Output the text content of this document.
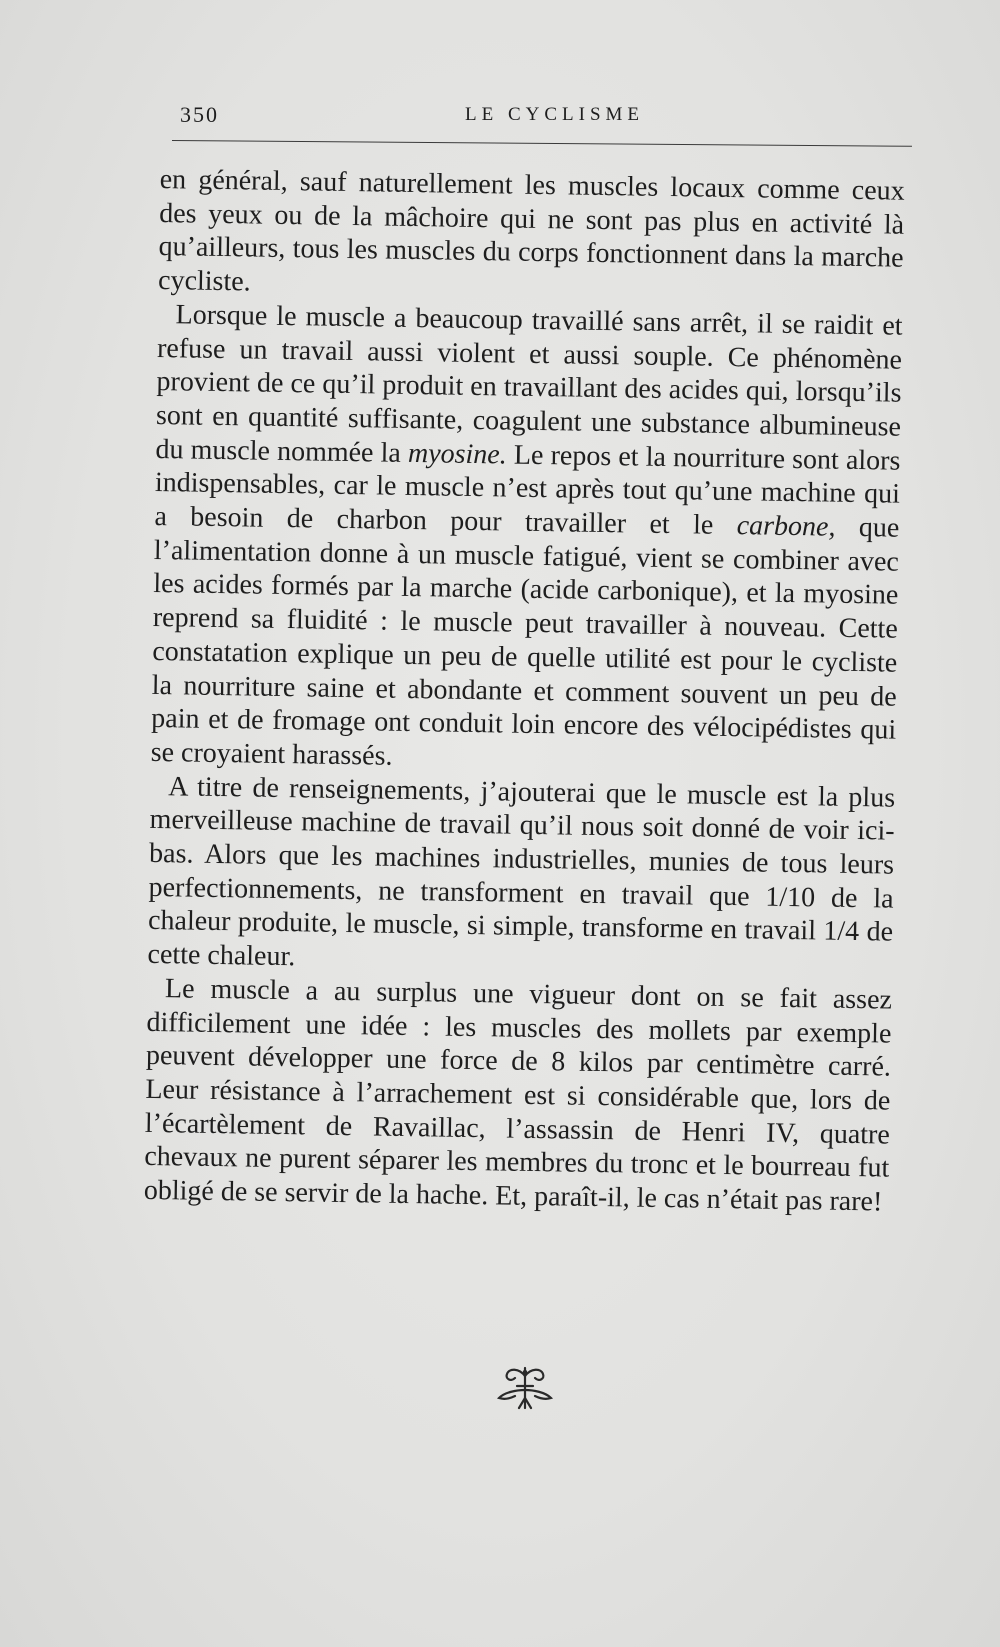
350	LE CYCLISME

en général, sauf naturellement les muscles locaux comme ceux des yeux ou de la mâchoire qui ne sont pas plus en activité là qu’ailleurs, tous les muscles du corps fonctionnent dans la marche cycliste.

Lorsque le muscle a beaucoup travaillé sans arrêt, il se raidit et refuse un travail aussi violent et aussi souple. Ce phénomène provient de ce qu’il produit en travaillant des acides qui, lorsqu’ils sont en quantité suffisante, coagulent une substance albumineuse du muscle nommée la myosine. Le repos et la nourriture sont alors indispensables, car le muscle n’est après tout qu’une machine qui a besoin de charbon pour travailler et le carbone, que l’alimentation donne à un muscle fatigué, vient se combiner avec les acides formés par la marche (acide carbonique), et la myosine reprend sa fluidité : le muscle peut travailler à nouveau. Cette constatation explique un peu de quelle utilité est pour le cycliste la nourriture saine et abondante et comment souvent un peu de pain et de fromage ont conduit loin encore des vélocipédistes qui se croyaient harassés.

A titre de renseignements, j’ajouterai que le muscle est la plus merveilleuse machine de travail qu’il nous soit donné de voir ici-bas. Alors que les machines industrielles, munies de tous leurs perfectionnements, ne transforment en travail que 1/10 de la chaleur produite, le muscle, si simple, transforme en travail 1/4 de cette chaleur.

Le muscle a au surplus une vigueur dont on se fait assez difficilement une idée : les muscles des mollets par exemple peuvent développer une force de 8 kilos par centimètre carré. Leur résistance à l’arrachement est si considérable que, lors de l’écartèlement de Ravaillac, l’assassin de Henri IV, quatre chevaux ne purent séparer les membres du tronc et le bourreau fut obligé de se servir de la hache. Et, paraît-il, le cas n’était pas rare!
